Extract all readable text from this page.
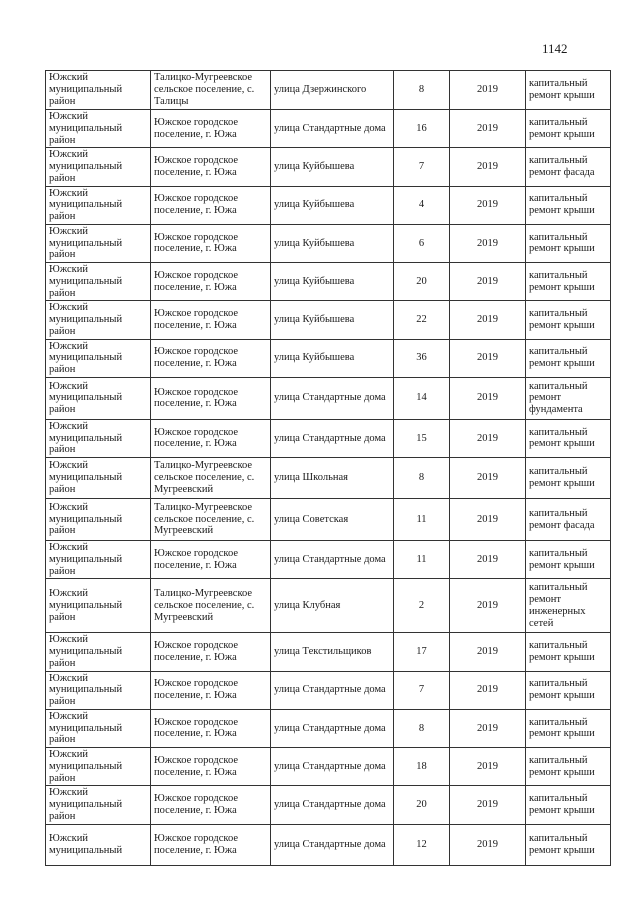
1142
Южский муниципальный район	Талицко-Мугреевское сельское поселение, с. Талицы	улица Дзержинского	8	2019	капитальный ремонт крыши
Южский муниципальный район	Южское городское поселение, г. Южа	улица Стандартные дома	16	2019	капитальный ремонт крыши
Южский муниципальный район	Южское городское поселение, г. Южа	улица Куйбышева	7	2019	капитальный ремонт фасада
Южский муниципальный район	Южское городское поселение, г. Южа	улица Куйбышева	4	2019	капитальный ремонт крыши
Южский муниципальный район	Южское городское поселение, г. Южа	улица Куйбышева	6	2019	капитальный ремонт крыши
Южский муниципальный район	Южское городское поселение, г. Южа	улица Куйбышева	20	2019	капитальный ремонт крыши
Южский муниципальный район	Южское городское поселение, г. Южа	улица Куйбышева	22	2019	капитальный ремонт крыши
Южский муниципальный район	Южское городское поселение, г. Южа	улица Куйбышева	36	2019	капитальный ремонт крыши
Южский муниципальный район	Южское городское поселение, г. Южа	улица Стандартные дома	14	2019	капитальный ремонт фундамента
Южский муниципальный район	Южское городское поселение, г. Южа	улица Стандартные дома	15	2019	капитальный ремонт крыши
Южский муниципальный район	Талицко-Мугреевское сельское поселение, с. Мугреевский	улица Школьная	8	2019	капитальный ремонт крыши
Южский муниципальный район	Талицко-Мугреевское сельское поселение, с. Мугреевский	улица Советская	11	2019	капитальный ремонт фасада
Южский муниципальный район	Южское городское поселение, г. Южа	улица Стандартные дома	11	2019	капитальный ремонт крыши
Южский муниципальный район	Талицко-Мугреевское сельское поселение, с. Мугреевский	улица Клубная	2	2019	капитальный ремонт инженерных сетей
Южский муниципальный район	Южское городское поселение, г. Южа	улица Текстильщиков	17	2019	капитальный ремонт крыши
Южский муниципальный район	Южское городское поселение, г. Южа	улица Стандартные дома	7	2019	капитальный ремонт крыши
Южский муниципальный район	Южское городское поселение, г. Южа	улица Стандартные дома	8	2019	капитальный ремонт крыши
Южский муниципальный район	Южское городское поселение, г. Южа	улица Стандартные дома	18	2019	капитальный ремонт крыши
Южский муниципальный район	Южское городское поселение, г. Южа	улица Стандартные дома	20	2019	капитальный ремонт крыши
Южский муниципальный	Южское городское поселение, г. Южа	улица Стандартные дома	12	2019	капитальный ремонт крыши
